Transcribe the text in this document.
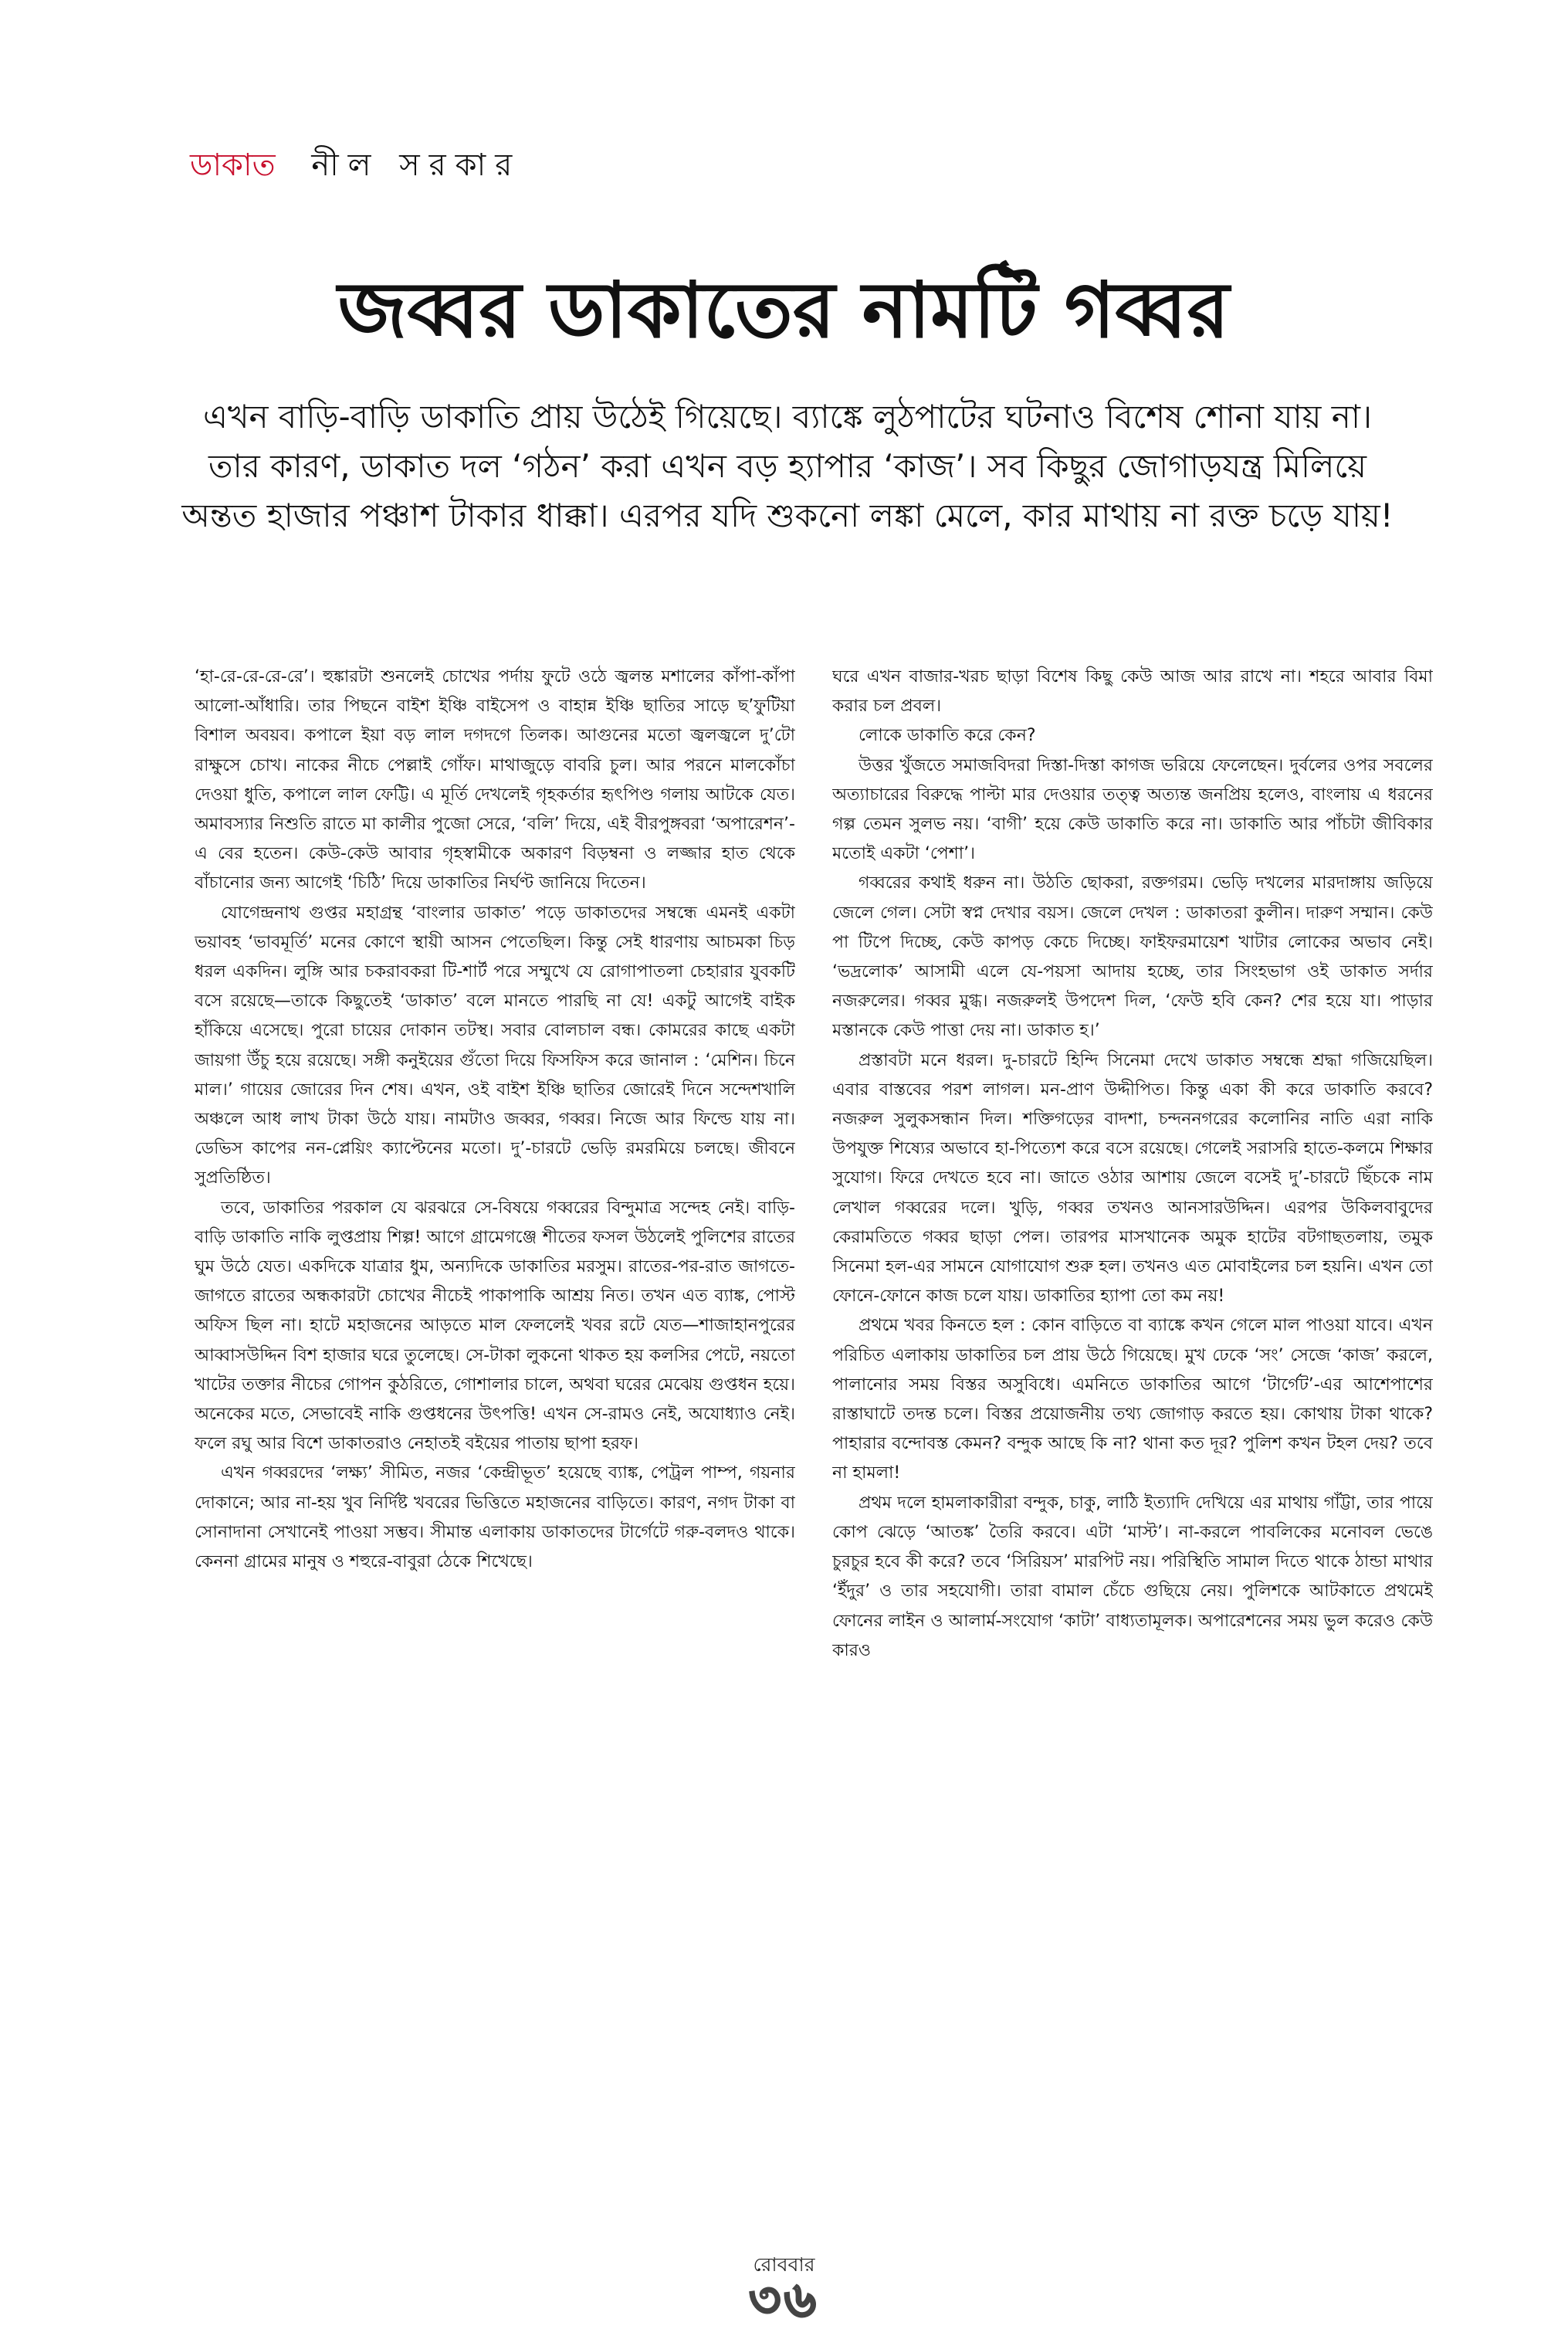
ডাকাত নীল সরকার
জব্বর ডাকাতের নামটি গব্বর

এখন বাড়ি-বাড়ি ডাকাতি প্রায় উঠেই গিয়েছে। ব্যাঙ্কে লুঠপাটের ঘটনাও বিশেষ শোনা যায় না। তার কারণ, ডাকাত দল ‘গঠন’ করা এখন বড় হ্যাপার ‘কাজ’। সব কিছুর জোগাড়যন্ত্র মিলিয়ে অন্তত হাজার পঞ্চাশ টাকার ধাক্কা। এরপর যদি শুকনো লঙ্কা মেলে, কার মাথায় না রক্ত চড়ে যায়!

‘হা-রে-রে-রে-রে’। হুঙ্কারটা শুনলেই চোখের পর্দায় ফুটে ওঠে জ্বলন্ত মশালের কাঁপা-কাঁপা আলো-আঁধারি। তার পিছনে বাইশ ইঞ্চি বাইসেপ ও বাহান্ন ইঞ্চি ছাতির সাড়ে ছ’ফুটিয়া বিশাল অবয়ব। কপালে ইয়া বড় লাল দগদগে তিলক। আগুনের মতো জ্বলজ্বলে দু’টো রাক্ষুসে চোখ। নাকের নীচে পেল্লাই গোঁফ। মাথাজুড়ে বাবরি চুল। আর পরনে মালকোঁচা দেওয়া ধুতি, কপালে লাল ফেট্টি। এ মূর্তি দেখলেই গৃহকর্তার হৃৎপিণ্ড গলায় আটকে যেত। অমাবস্যার নিশুতি রাতে মা কালীর পুজো সেরে, ‘বলি’ দিয়ে, এই বীরপুঙ্গবরা ‘অপারেশন’-এ বের হতেন। কেউ-কেউ আবার গৃহস্বামীকে অকারণ বিড়ম্বনা ও লজ্জার হাত থেকে বাঁচানোর জন্য আগেই ‘চিঠি’ দিয়ে ডাকাতির নির্ঘণ্ট জানিয়ে দিতেন।

যোগেন্দ্রনাথ গুপ্তর মহাগ্রন্থ ‘বাংলার ডাকাত’ পড়ে ডাকাতদের সম্বন্ধে এমনই একটা ভয়াবহ ‘ভাবমূর্তি’ মনের কোণে স্থায়ী আসন পেতেছিল। কিন্তু সেই ধারণায় আচমকা চিড় ধরল একদিন। লুঙ্গি আর চকরাবকরা টি-শার্ট পরে সম্মুখে যে রোগাপাতলা চেহারার যুবকটি বসে রয়েছে—তাকে কিছুতেই ‘ডাকাত’ বলে মানতে পারছি না যে! একটু আগেই বাইক হাঁকিয়ে এসেছে। পুরো চায়ের দোকান তটস্থ। সবার বোলচাল বন্ধ। কোমরের কাছে একটা জায়গা উঁচু হয়ে রয়েছে। সঙ্গী কনুইয়ের গুঁতো দিয়ে ফিসফিস করে জানাল : ‘মেশিন। চিনে মাল।’ গায়ের জোরের দিন শেষ। এখন, ওই বাইশ ইঞ্চি ছাতির জোরেই দিনে সন্দেশখালি অঞ্চলে আধ লাখ টাকা উঠে যায়। নামটাও জব্বর, গব্বর। নিজে আর ফিল্ডে যায় না। ডেভিস কাপের নন-প্লেয়িং ক্যাপ্টেনের মতো। দু’-চারটে ভেড়ি রমরমিয়ে চলছে। জীবনে সুপ্রতিষ্ঠিত।

তবে, ডাকাতির পরকাল যে ঝরঝরে সে-বিষয়ে গব্বরের বিন্দুমাত্র সন্দেহ নেই। বাড়ি-বাড়ি ডাকাতি নাকি লুপ্তপ্রায় শিল্প! আগে গ্রামেগঞ্জে শীতের ফসল উঠলেই পুলিশের রাতের ঘুম উঠে যেত। একদিকে যাত্রার ধুম, অন্যদিকে ডাকাতির মরসুম। রাতের-পর-রাত জাগতে-জাগতে রাতের অন্ধকারটা চোখের নীচেই পাকাপাকি আশ্রয় নিত। তখন এত ব্যাঙ্ক, পোস্ট অফিস ছিল না। হাটে মহাজনের আড়তে মাল ফেললেই খবর রটে যেত—শাজাহানপুরের আব্বাসউদ্দিন বিশ হাজার ঘরে তুলেছে। সে-টাকা লুকনো থাকত হয় কলসির পেটে, নয়তো খাটের তক্তার নীচের গোপন কুঠরিতে, গোশালার চালে, অথবা ঘরের মেঝেয় গুপ্তধন হয়ে। অনেকের মতে, সেভাবেই নাকি গুপ্তধনের উৎপত্তি! এখন সে-রামও নেই, অযোধ্যাও নেই। ফলে রঘু আর বিশে ডাকাতরাও নেহাতই বইয়ের পাতায় ছাপা হরফ।

এখন গব্বরদের ‘লক্ষ্য’ সীমিত, নজর ‘কেন্দ্রীভূত’ হয়েছে ব্যাঙ্ক, পেট্রল পাম্প, গয়নার দোকানে; আর না-হয় খুব নির্দিষ্ট খবরের ভিত্তিতে মহাজনের বাড়িতে। কারণ, নগদ টাকা বা সোনাদানা সেখানেই পাওয়া সম্ভব। সীমান্ত এলাকায় ডাকাতদের টার্গেটে গরু-বলদও থাকে। কেননা গ্রামের মানুষ ও শহুরে-বাবুরা ঠেকে শিখেছে।

ঘরে এখন বাজার-খরচ ছাড়া বিশেষ কিছু কেউ আজ আর রাখে না। শহরে আবার বিমা করার চল প্রবল।

লোকে ডাকাতি করে কেন?

উত্তর খুঁজতে সমাজবিদরা দিস্তা-দিস্তা কাগজ ভরিয়ে ফেলেছেন। দুর্বলের ওপর সবলের অত্যাচারের বিরুদ্ধে পাল্টা মার দেওয়ার তত্ত্ব অত্যন্ত জনপ্রিয় হলেও, বাংলায় এ ধরনের গল্প তেমন সুলভ নয়। ‘বাগী’ হয়ে কেউ ডাকাতি করে না। ডাকাতি আর পাঁচটা জীবিকার মতোই একটা ‘পেশা’।

গব্বরের কথাই ধরুন না। উঠতি ছোকরা, রক্তগরম। ভেড়ি দখলের মারদাঙ্গায় জড়িয়ে জেলে গেল। সেটা স্বপ্ন দেখার বয়স। জেলে দেখল : ডাকাতরা কুলীন। দারুণ সম্মান। কেউ পা টিপে দিচ্ছে, কেউ কাপড় কেচে দিচ্ছে। ফাইফরমায়েশ খাটার লোকের অভাব নেই। ‘ভদ্রলোক’ আসামী এলে যে-পয়সা আদায় হচ্ছে, তার সিংহভাগ ওই ডাকাত সর্দার নজরুলের। গব্বর মুগ্ধ। নজরুলই উপদেশ দিল, ‘ফেউ হবি কেন? শের হয়ে যা। পাড়ার মস্তানকে কেউ পাত্তা দেয় না। ডাকাত হ।’

প্রস্তাবটা মনে ধরল। দু-চারটে হিন্দি সিনেমা দেখে ডাকাত সম্বন্ধে শ্রদ্ধা গজিয়েছিল। এবার বাস্তবের পরশ লাগল। মন-প্রাণ উদ্দীপিত। কিন্তু একা কী করে ডাকাতি করবে? নজরুল সুলুকসন্ধান দিল। শক্তিগড়ের বাদশা, চন্দননগরের কলোনির নাতি এরা নাকি উপযুক্ত শিষ্যের অভাবে হা-পিত্যেশ করে বসে রয়েছে। গেলেই সরাসরি হাতে-কলমে শিক্ষার সুযোগ। ফিরে দেখতে হবে না। জাতে ওঠার আশায় জেলে বসেই দু’-চারটে ছিঁচকে নাম লেখাল গব্বরের দলে। খুড়ি, গব্বর তখনও আনসারউদ্দিন। এরপর উকিলবাবুদের কেরামতিতে গব্বর ছাড়া পেল। তারপর মাসখানেক অমুক হাটের বটগাছতলায়, তমুক সিনেমা হল-এর সামনে যোগাযোগ শুরু হল। তখনও এত মোবাইলের চল হয়নি। এখন তো ফোনে-ফোনে কাজ চলে যায়। ডাকাতির হ্যাপা তো কম নয়!

প্রথমে খবর কিনতে হল : কোন বাড়িতে বা ব্যাঙ্কে কখন গেলে মাল পাওয়া যাবে। এখন পরিচিত এলাকায় ডাকাতির চল প্রায় উঠে গিয়েছে। মুখ ঢেকে ‘সং’ সেজে ‘কাজ’ করলে, পালানোর সময় বিস্তর অসুবিধে। এমনিতে ডাকাতির আগে ‘টার্গেট’-এর আশেপাশের রাস্তাঘাটে তদন্ত চলে। বিস্তর প্রয়োজনীয় তথ্য জোগাড় করতে হয়। কোথায় টাকা থাকে? পাহারার বন্দোবস্ত কেমন? বন্দুক আছে কি না? থানা কত দূর? পুলিশ কখন টহল দেয়? তবে না হামলা!

প্রথম দলে হামলাকারীরা বন্দুক, চাকু, লাঠি ইত্যাদি দেখিয়ে এর মাথায় গাঁট্টা, তার পায়ে কোপ ঝেড়ে ‘আতঙ্ক’ তৈরি করবে। এটা ‘মাস্ট’। না-করলে পাবলিকের মনোবল ভেঙে চুরচুর হবে কী করে? তবে ‘সিরিয়স’ মারপিট নয়। পরিস্থিতি সামাল দিতে থাকে ঠান্ডা মাথার ‘ইঁদুর’ ও তার সহযোগী। তারা বামাল চেঁচে গুছিয়ে নেয়। পুলিশকে আটকাতে প্রথমেই ফোনের লাইন ও আলার্ম-সংযোগ ‘কাটা’ বাধ্যতামূলক। অপারেশনের সময় ভুল করেও কেউ কারও

রোববার
৩৬
